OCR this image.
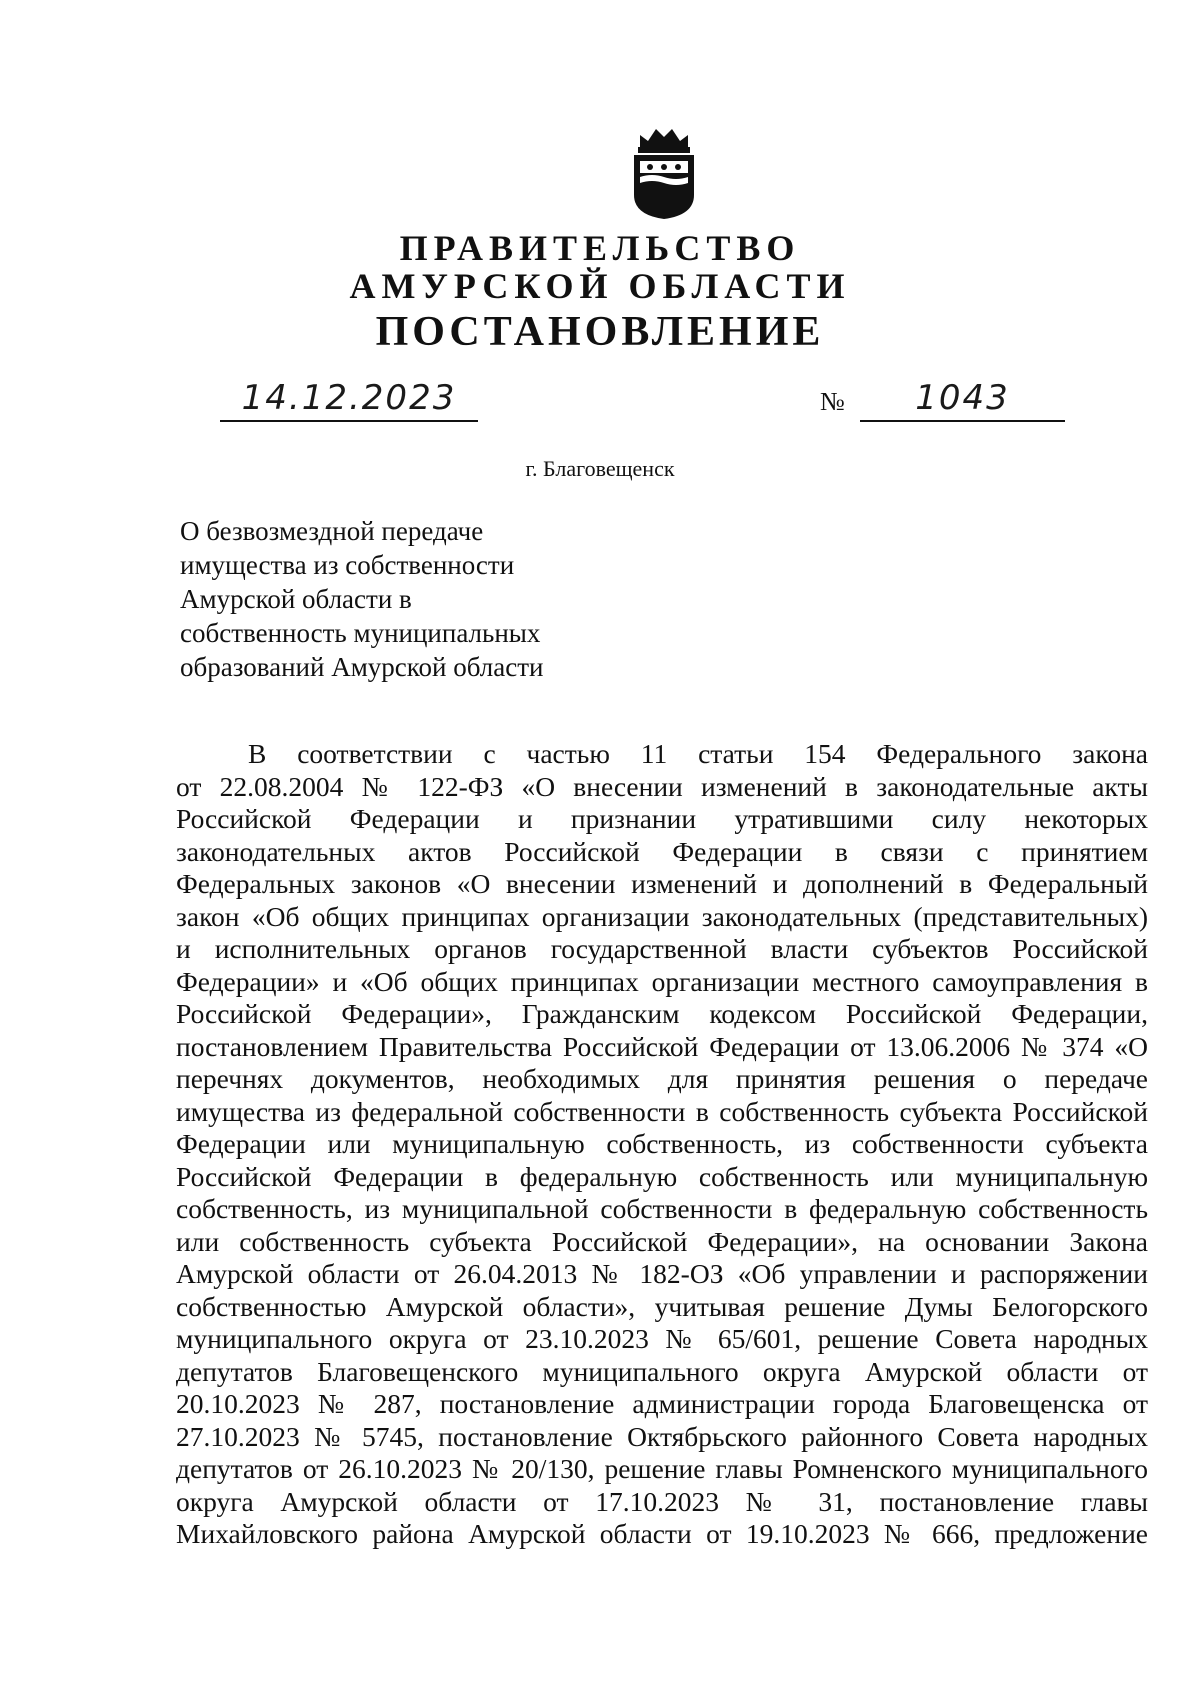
ПРАВИТЕЛЬСТВО
АМУРСКОЙ ОБЛАСТИ
ПОСТАНОВЛЕНИЕ
14.12.2023	№	1043
г. Благовещенск
О безвозмездной передаче
имущества из собственности
Амурской области в
собственность муниципальных
образований Амурской области
В соответствии с частью 11 статьи 154 Федерального закона
от 22.08.2004 № 122-ФЗ «О внесении изменений в законодательные акты
Российской Федерации и признании утратившими силу некоторых
законодательных актов Российской Федерации в связи с принятием
Федеральных законов «О внесении изменений и дополнений в Федеральный
закон «Об общих принципах организации законодательных (представительных)
и исполнительных органов государственной власти субъектов Российской
Федерации» и «Об общих принципах организации местного самоуправления в
Российской Федерации», Гражданским кодексом Российской Федерации,
постановлением Правительства Российской Федерации от 13.06.2006 № 374 «О
перечнях документов, необходимых для принятия решения о передаче
имущества из федеральной собственности в собственность субъекта Российской
Федерации или муниципальную собственность, из собственности субъекта
Российской Федерации в федеральную собственность или муниципальную
собственность, из муниципальной собственности в федеральную собственность
или собственность субъекта Российской Федерации», на основании Закона
Амурской области от 26.04.2013 № 182-ОЗ «Об управлении и распоряжении
собственностью Амурской области», учитывая решение Думы Белогорского
муниципального округа от 23.10.2023 № 65/601, решение Совета народных
депутатов Благовещенского муниципального округа Амурской области от
20.10.2023 № 287, постановление администрации города Благовещенска от
27.10.2023 № 5745, постановление Октябрьского районного Совета народных
депутатов от 26.10.2023 № 20/130, решение главы Ромненского муниципального
округа Амурской области от 17.10.2023 № 31, постановление главы
Михайловского района Амурской области от 19.10.2023 № 666, предложение
